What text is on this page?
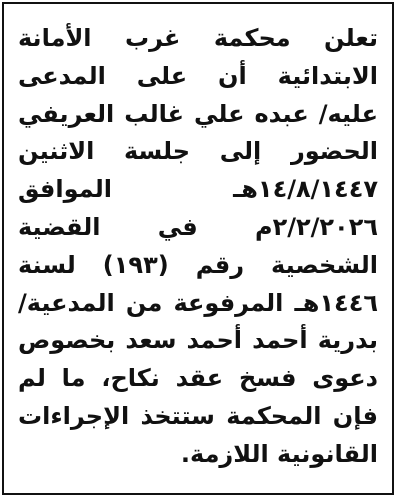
تعلن محكمة غرب الأمانة
الابتدائية أن على المدعى
عليه/ عبده علي غالب العريفي
الحضور إلى جلسة الاثنين
١٤/٨/١٤٤٧هـ الموافق
٢/٢/٢٠٢٦م في القضية
الشخصية رقم (١٩٣) لسنة
١٤٤٦هـ المرفوعة من المدعية/
بدرية أحمد أحمد سعد بخصوص
دعوى فسخ عقد نكاح، ما لم
فإن المحكمة ستتخذ الإجراءات
القانونية اللازمة.
